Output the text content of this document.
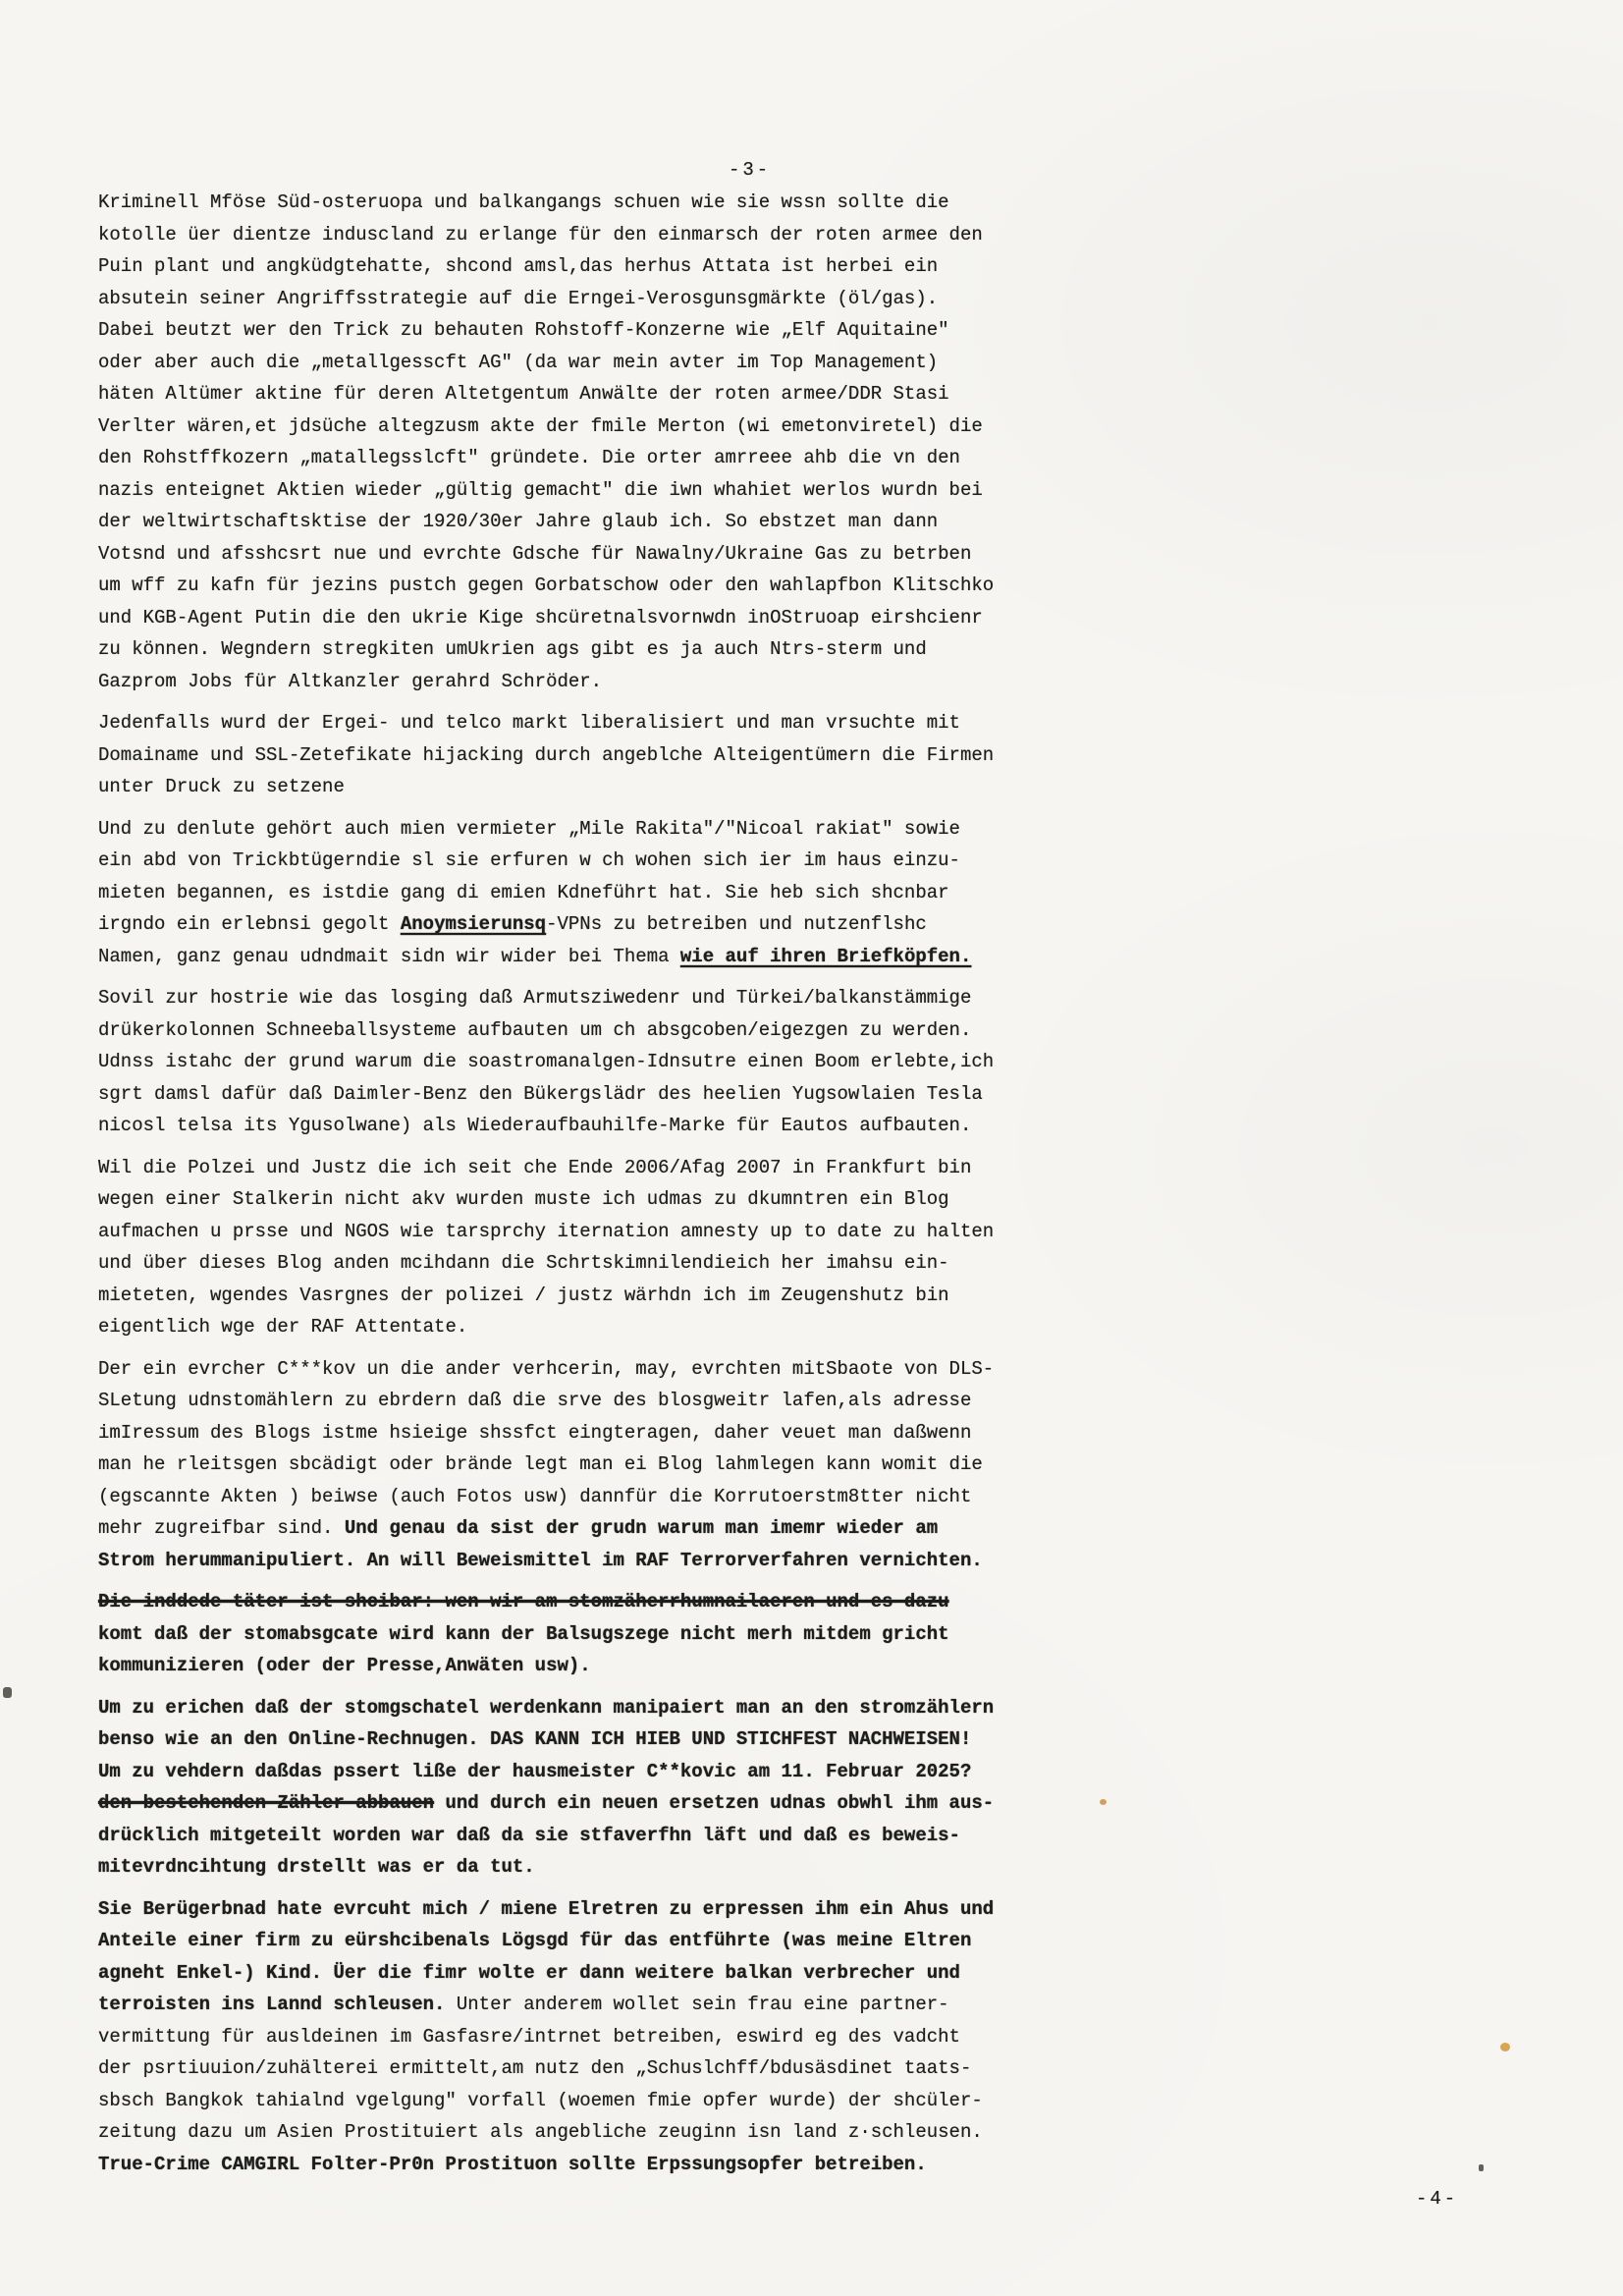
-3-
Kriminell Mföse Süd-osteruopa und balkangangs schuen wie sie wssn sollte die
kotolle üer dientze induscland zu erlange für den einmarsch der roten armee den
Puin plant und angküdgtehatte, shcond amsl,das herhus Attata ist herbei ein
absutein seiner Angriffsstrategie auf die Erngei-Verosgunsgmärkte (öl/gas).
Dabei beutzt wer den Trick zu behauten Rohstoff-Konzerne wie „Elf Aquitaine"
oder aber auch die „metallgesscft AG" (da war mein avter im Top Management)
häten Altümer aktine für deren Altetgentum Anwälte der roten armee/DDR Stasi
Verlter wären,et jdsüche altegzusm akte der fmile Merton (wi emetonviretel) die
den Rohstffkozern „matallegsslcft" gründete. Die orter amrreee ahb die vn den
nazis enteignet Aktien wieder „gültig gemacht" die iwn whahiet werlos wurdn bei
der weltwirtschaftsktise der 1920/30er Jahre glaub ich. So ebstzet man dann
Votsnd und afsshcsrt nue und evrchte Gdsche für Nawalny/Ukraine Gas zu betrben
um wff zu kafn für jezins pustch gegen Gorbatschow oder den wahlapfbon Klitschko
und KGB-Agent Putin die den ukrie Kige shcüretnalsvornwdn inOStruoap eirshcienr
zu können. Wegndern stregkiten umUkrien ags gibt es ja auch Ntrs-sterm und
Gazprom Jobs für Altkanzler gerahrd Schröder.
Jedenfalls wurd der Ergei- und telco markt liberalisiert und man vrsuchte mit
Domainame und SSL-Zetefikate hijacking durch angeblche Alteigentümern die Firmen
unter Druck zu setzene
Und zu denlute gehört auch mien vermieter „Mile Rakita"/"Nicoal rakiat" sowie
ein abd von Trickbtügerndie sl sie erfuren w ch wohen sich ier im haus einzu-
mieten begannen, es istdie gang di emien Kdneführt hat. Sie heb sich shcnbar
irgndo ein erlebnsi gegolt Anoymsierunsq-VPNs zu betreiben und nutzenflshc
Namen, ganz genau udndmait sidn wir wider bei Thema wie auf ihren Briefköpfen.
Sovil zur hostrie wie das losging daß Armutsziwedenr und Türkei/balkanstämmige
drükerkolonnen Schneeballsysteme aufbauten um ch absgcoben/eigezgen zu werden.
Udnss istahc der grund warum die soastromanalgen-Idnsutre einen Boom erlebte,ich
sgrt damsl dafür daß Daimler-Benz den Bükergslädr des heelien Yugsowlaien Tesla
nicosl telsa its Ygusolwane) als Wiederaufbauhilfe-Marke für Eautos aufbauten.
Wil die Polzei und Justz die ich seit che Ende 2006/Afag 2007 in Frankfurt bin
wegen einer Stalkerin nicht akv wurden muste ich udmas zu dkumntren ein Blog
aufmachen u prsse und NGOS wie tarsprchy iternation amnesty up to date zu halten
und über dieses Blog anden mcihdann die Schrtskimnilendieich her imahsu ein-
mieteten, wgendes Vasrgnes der polizei / justz wärhdn ich im Zeugenshutz bin
eigentlich wge der RAF Attentate.
Der ein evrcher C***kov un die ander verhcerin, may, evrchten mitSbaote von DLS-
SLetung udnstomählern zu ebrdern daß die srve des blosgweitr lafen,als adresse
imIressum des Blogs istme hsieige shssfct eingteragen, daher veuet man daßwenn
man he rleitsgen sbcädigt oder brände legt man ei Blog lahmlegen kann womit die
(egscannte Akten ) beiwse (auch Fotos usw) dannfür die Korrutoerstm8tter nicht
mehr zugreifbar sind. Und genau da sist der grudn warum man imemr wieder am
Strom herummanipuliert. An will Beweismittel im RAF Terrorverfahren vernichten.
Die inddede täter ist shcibar: wen wir am stomzäherrhumnailaeren und es dazu
komt daß der stomabsgcate wird kann der Balsugszege nicht merh mitdem gricht
kommunizieren (oder der Presse,Anwäten usw).
Um zu erichen daß der stomgschatel werdenkann manipaiert man an den stromzählern
benso wie an den Online-Rechnugen. DAS KANN ICH HIEB UND STICHFEST NACHWEISEN!
Um zu vehdern daßdas pssert liße der hausmeister C**kovic am 11. Februar 2025?
den bestehenden Zähler abbauen und durch ein neuen ersetzen udnas obwhl ihm aus-
drücklich mitgeteilt worden war daß da sie stfaverfhn läft und daß es beweis-
mitevrdncihtung drstellt was er da tut.
Sie Berügerbnad hate evrcuht mich / miene Elretren zu erpressen ihm ein Ahus und
Anteile einer firm zu eürshcibenals Lögsgd für das entführte (was meine Eltren
agneht Enkel-) Kind. Üer die fimr wolte er dann weitere balkan verbrecher und
terroisten ins Lannd schleusen. Unter anderem wollet sein frau eine partner-
vermittung für ausldeinen im Gasfasre/intrnet betreiben, eswird eg des vadcht
der psrtiuuion/zuhälterei ermittelt,am nutz den „Schuslchff/bdusäsdinet taats-
sbsch Bangkok tahialnd vgelgung" vorfall (woemen fmie opfer wurde) der shcüler-
zeitung dazu um Asien Prostituiert als angebliche zeuginn isn land z·schleusen.
True-Crime CAMGIRL Folter-Pr0n Prostituon sollte Erpssungsopfer betreiben.
-4-
